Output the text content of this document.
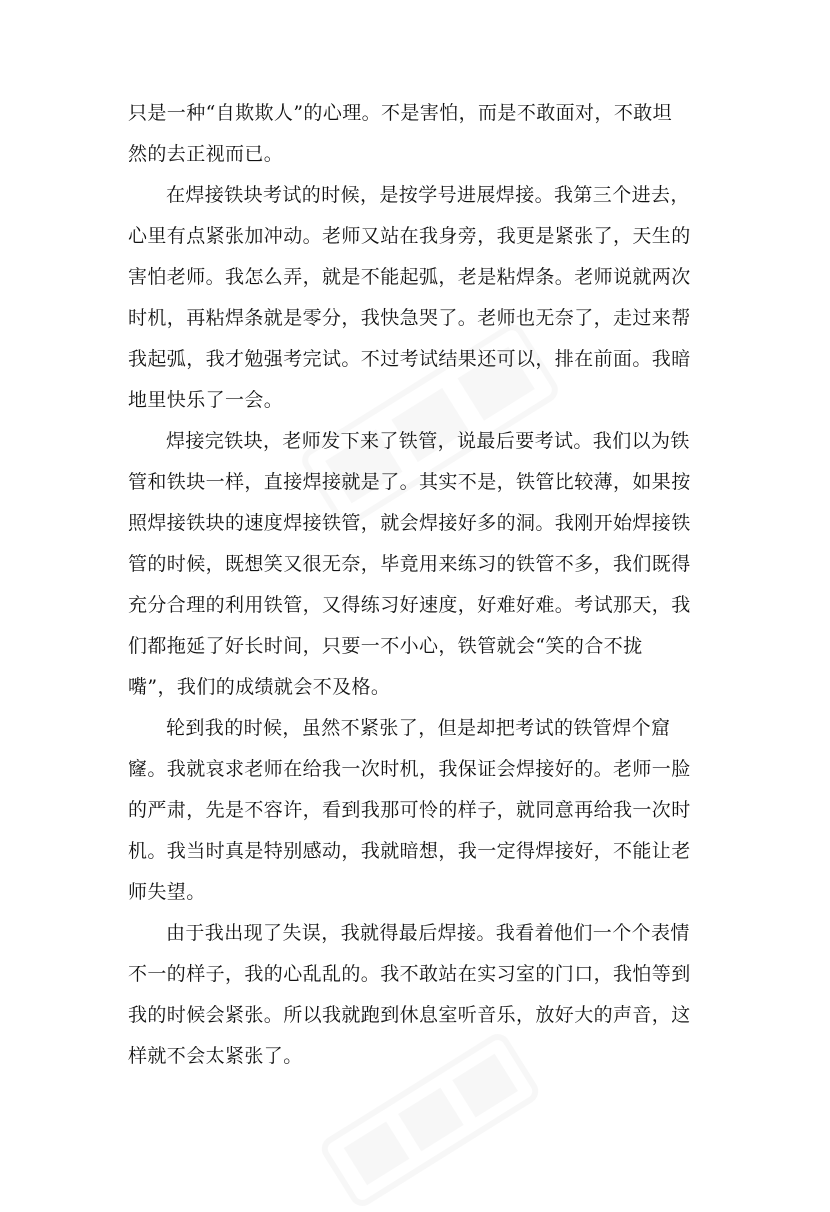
只是一种“自欺欺人”的心理。不是害怕，而是不敢面对，不敢坦
然的去正视而已。
在焊接铁块考试的时候，是按学号进展焊接。我第三个进去，
心里有点紧张加冲动。老师又站在我身旁，我更是紧张了，天生的
害怕老师。我怎么弄，就是不能起弧，老是粘焊条。老师说就两次
时机，再粘焊条就是零分，我快急哭了。老师也无奈了，走过来帮
我起弧，我才勉强考完试。不过考试结果还可以，排在前面。我暗
地里快乐了一会。
焊接完铁块，老师发下来了铁管，说最后要考试。我们以为铁
管和铁块一样，直接焊接就是了。其实不是，铁管比较薄，如果按
照焊接铁块的速度焊接铁管，就会焊接好多的洞。我刚开始焊接铁
管的时候，既想笑又很无奈，毕竟用来练习的铁管不多，我们既得
充分合理的利用铁管，又得练习好速度，好难好难。考试那天，我
们都拖延了好长时间，只要一不小心，铁管就会“笑的合不拢
嘴”，我们的成绩就会不及格。
轮到我的时候，虽然不紧张了，但是却把考试的铁管焊个窟
窿。我就哀求老师在给我一次时机，我保证会焊接好的。老师一脸
的严肃，先是不容许，看到我那可怜的样子，就同意再给我一次时
机。我当时真是特别感动，我就暗想，我一定得焊接好，不能让老
师失望。
由于我出现了失误，我就得最后焊接。我看着他们一个个表情
不一的样子，我的心乱乱的。我不敢站在实习室的门口，我怕等到
我的时候会紧张。所以我就跑到休息室听音乐，放好大的声音，这
样就不会太紧张了。
